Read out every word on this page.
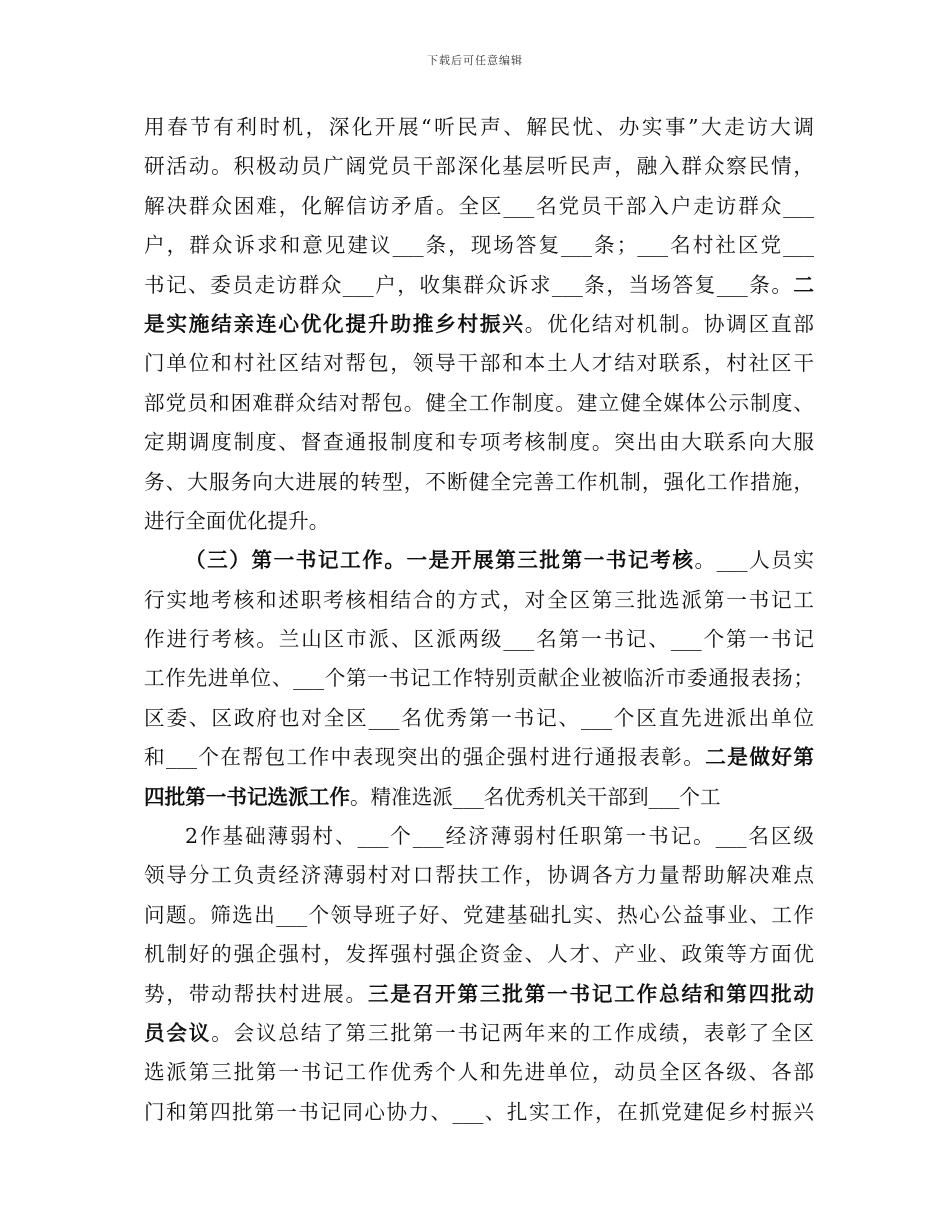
下载后可任意编辑
用春节有利时机，深化开展“听民声、解民忧、办实事”大走访大调
研活动。积极动员广阔党员干部深化基层听民声，融入群众察民情，
解决群众困难，化解信访矛盾。全区___名党员干部入户走访群众___
户，群众诉求和意见建议___条，现场答复___条；___名村社区党___
书记、委员走访群众___户，收集群众诉求___条，当场答复___条。二
是实施结亲连心优化提升助推乡村振兴。优化结对机制。协调区直部
门单位和村社区结对帮包，领导干部和本土人才结对联系，村社区干
部党员和困难群众结对帮包。健全工作制度。建立健全媒体公示制度、
定期调度制度、督查通报制度和专项考核制度。突出由大联系向大服
务、大服务向大进展的转型，不断健全完善工作机制，强化工作措施，
进行全面优化提升。
（三）第一书记工作。一是开展第三批第一书记考核。___人员实
行实地考核和述职考核相结合的方式，对全区第三批选派第一书记工
作进行考核。兰山区市派、区派两级___名第一书记、___个第一书记
工作先进单位、___个第一书记工作特别贡献企业被临沂市委通报表扬；
区委、区政府也对全区___名优秀第一书记、___个区直先进派出单位
和___个在帮包工作中表现突出的强企强村进行通报表彰。二是做好第
四批第一书记选派工作。精准选派___名优秀机关干部到___个工
2作基础薄弱村、___个___经济薄弱村任职第一书记。___名区级
领导分工负责经济薄弱村对口帮扶工作，协调各方力量帮助解决难点
问题。筛选出___个领导班子好、党建基础扎实、热心公益事业、工作
机制好的强企强村，发挥强村强企资金、人才、产业、政策等方面优
势，带动帮扶村进展。三是召开第三批第一书记工作总结和第四批动
员会议。会议总结了第三批第一书记两年来的工作成绩，表彰了全区
选派第三批第一书记工作优秀个人和先进单位，动员全区各级、各部
门和第四批第一书记同心协力、___、扎实工作，在抓党建促乡村振兴
